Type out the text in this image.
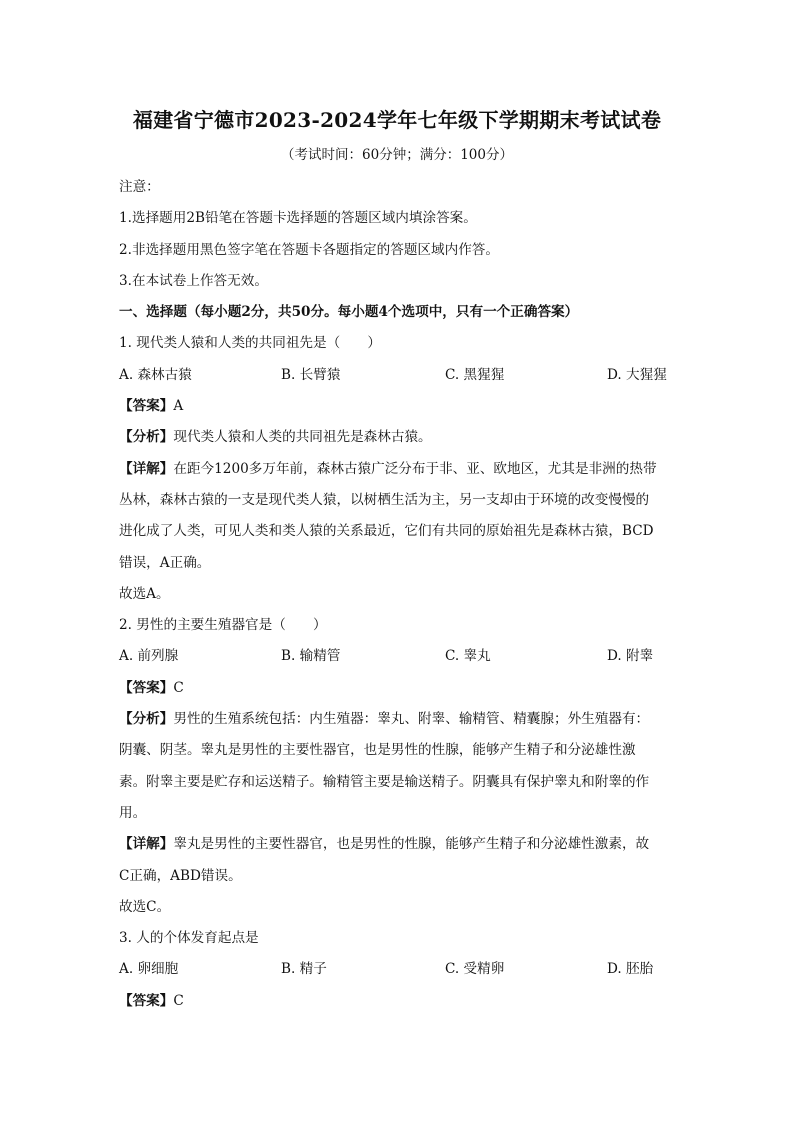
福建省宁德市2023-2024学年七年级下学期期末考试试卷
（考试时间：60分钟；满分：100分）
注意：
1.选择题用2B铅笔在答题卡选择题的答题区域内填涂答案。
2.非选择题用黑色签字笔在答题卡各题指定的答题区域内作答。
3.在本试卷上作答无效。
一、选择题（每小题2分，共50分。每小题4个选项中，只有一个正确答案）
1. 现代类人猿和人类的共同祖先是（　　）
A. 森林古猿	B. 长臂猿	C. 黑猩猩	D. 大猩猩
【答案】A
【分析】现代类人猿和人类的共同祖先是森林古猿。
【详解】在距今1200多万年前，森林古猿广泛分布于非、亚、欧地区，尤其是非洲的热带
丛林，森林古猿的一支是现代类人猿，以树栖生活为主，另一支却由于环境的改变慢慢的
进化成了人类，可见人类和类人猿的关系最近，它们有共同的原始祖先是森林古猿，BCD
错误，A正确。
故选A。
2. 男性的主要生殖器官是（　　）
A. 前列腺	B. 输精管	C. 睾丸	D. 附睾
【答案】C
【分析】男性的生殖系统包括：内生殖器：睾丸、附睾、输精管、精囊腺；外生殖器有：
阴囊、阴茎。睾丸是男性的主要性器官，也是男性的性腺，能够产生精子和分泌雄性激
素。附睾主要是贮存和运送精子。输精管主要是输送精子。阴囊具有保护睾丸和附睾的作
用。
【详解】睾丸是男性的主要性器官，也是男性的性腺，能够产生精子和分泌雄性激素，故
C正确，ABD错误。
故选C。
3. 人的个体发育起点是
A. 卵细胞	B. 精子	C. 受精卵	D. 胚胎
【答案】C
